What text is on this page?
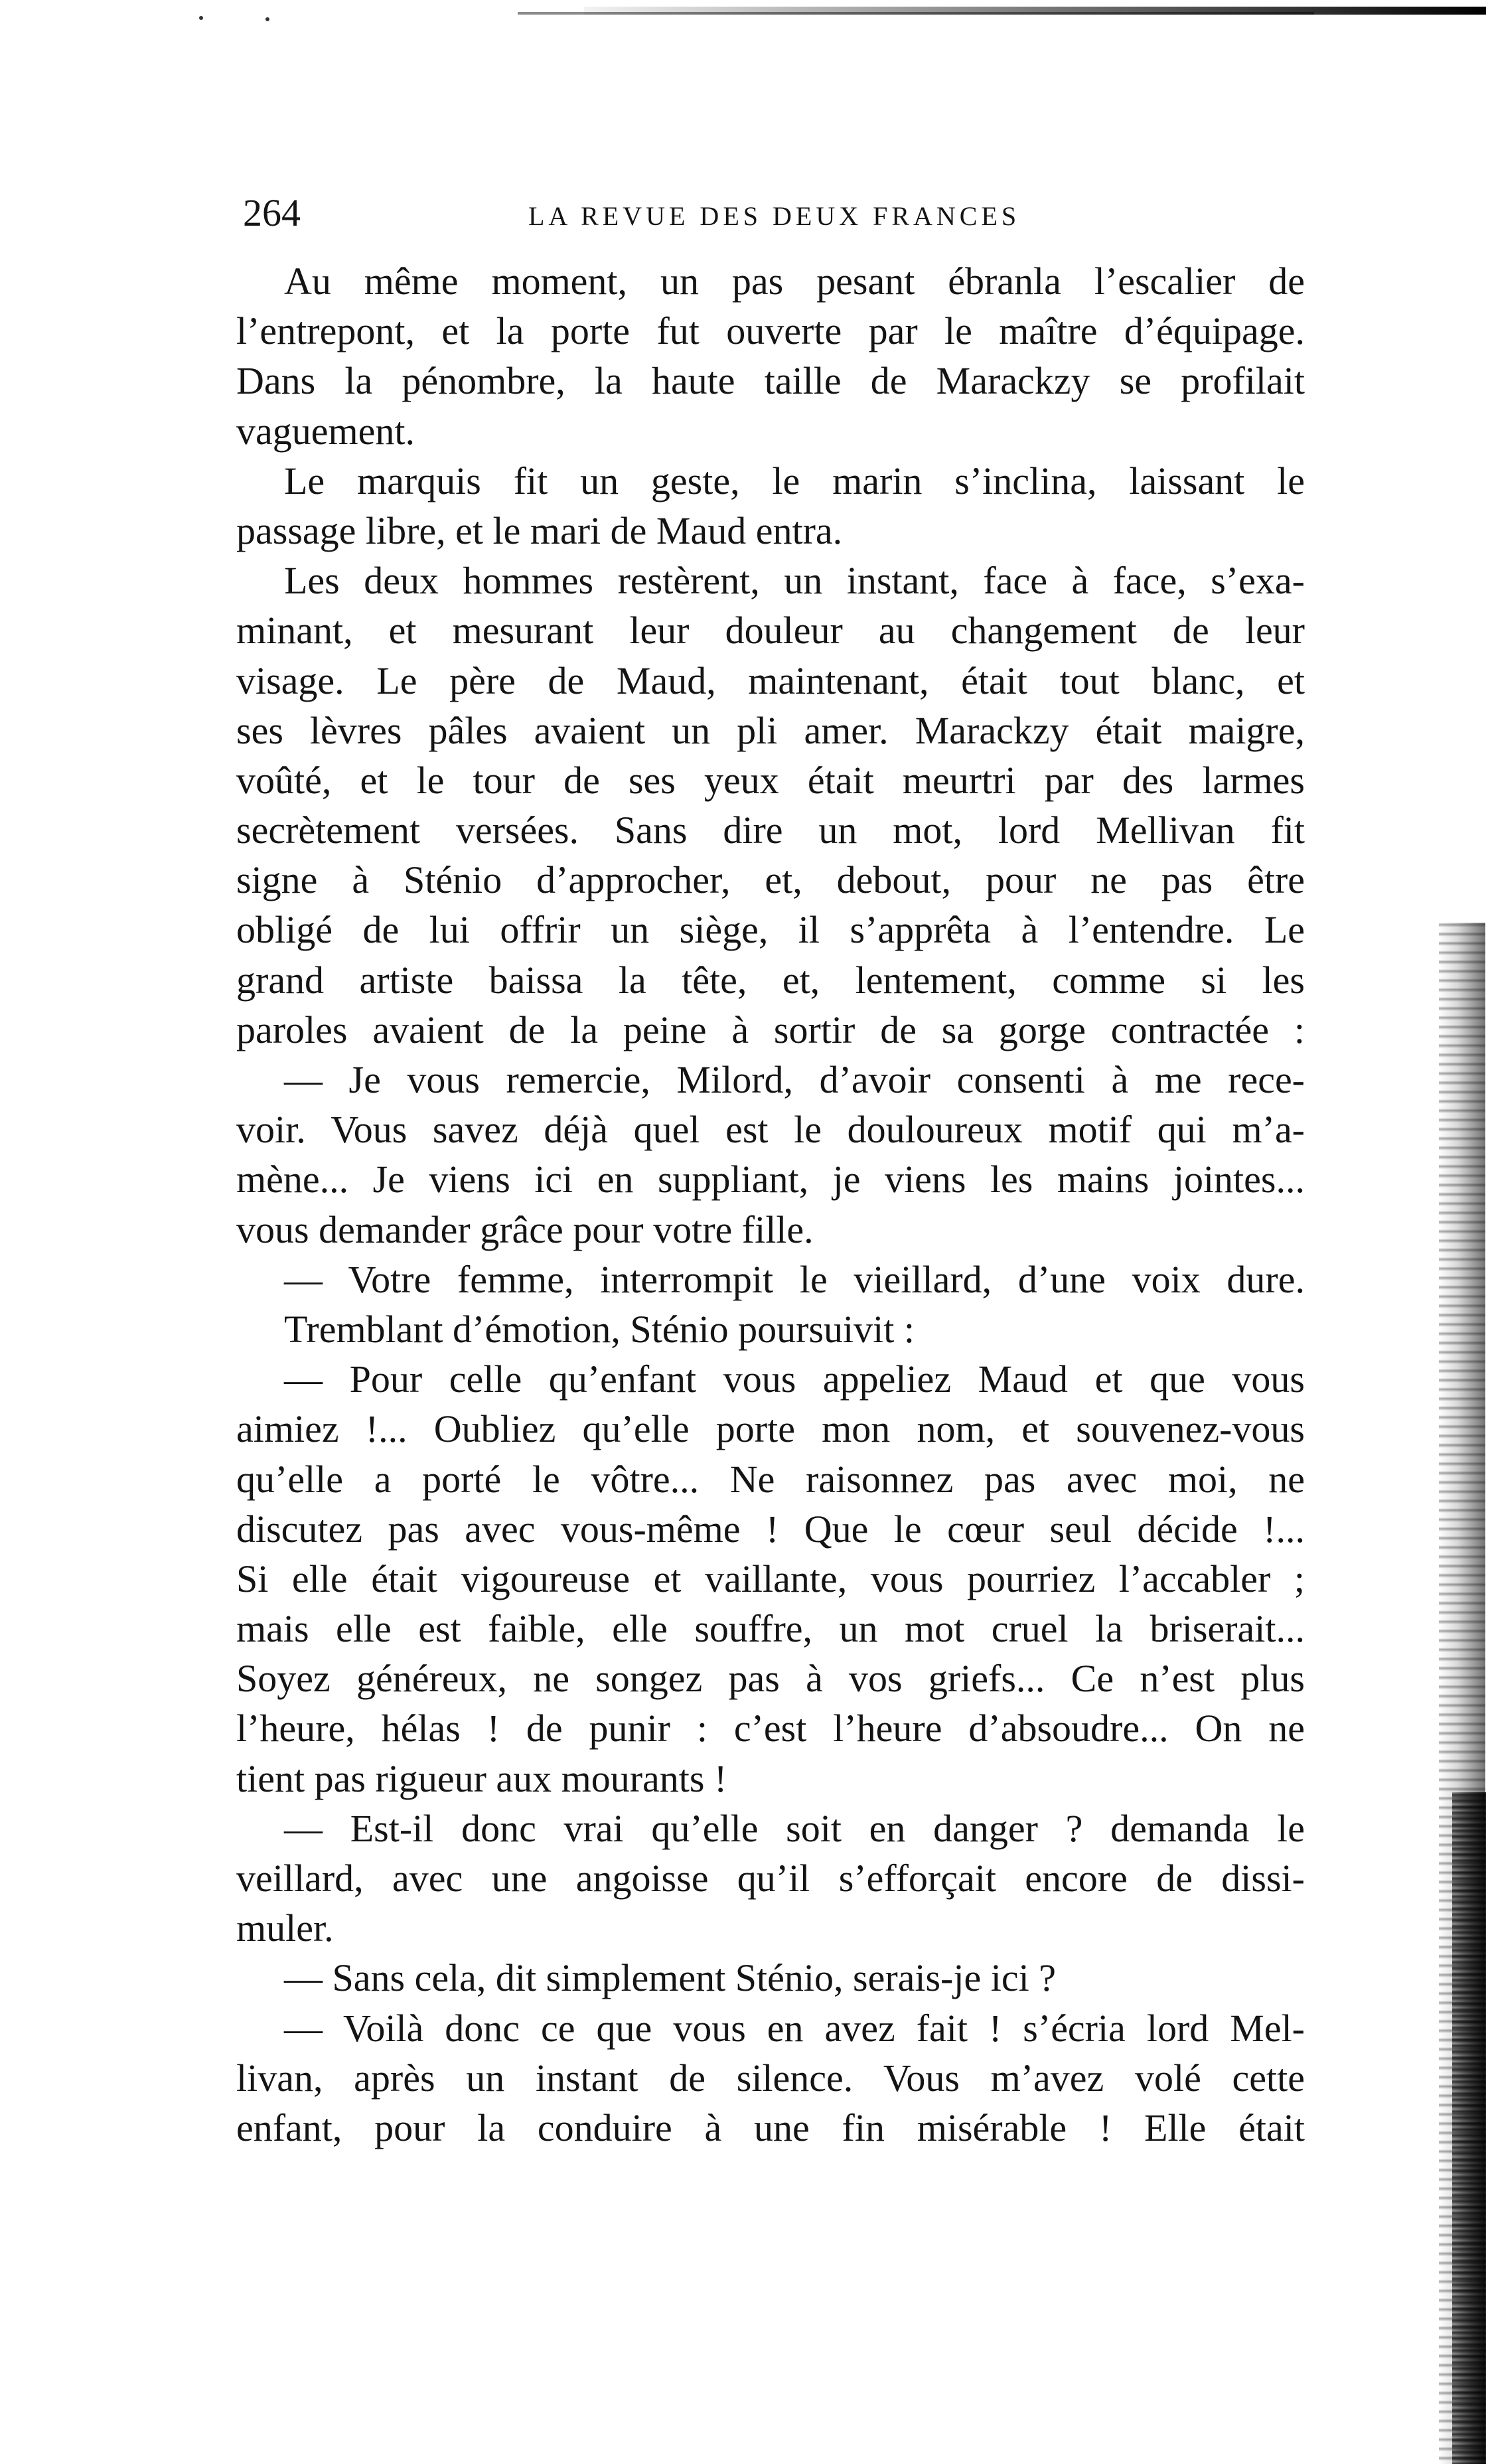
264	LA REVUE DES DEUX FRANCES
Au même moment, un pas pesant ébranla l’escalier de
l’entrepont, et la porte fut ouverte par le maître d’équipage.
Dans la pénombre, la haute taille de Marackzy se profilait
vaguement.
Le marquis fit un geste, le marin s’inclina, laissant le
passage libre, et le mari de Maud entra.
Les deux hommes restèrent, un instant, face à face, s’exa-
minant, et mesurant leur douleur au changement de leur
visage. Le père de Maud, maintenant, était tout blanc, et
ses lèvres pâles avaient un pli amer. Marackzy était maigre,
voûté, et le tour de ses yeux était meurtri par des larmes
secrètement versées. Sans dire un mot, lord Mellivan fit
signe à Sténio d’approcher, et, debout, pour ne pas être
obligé de lui offrir un siège, il s’apprêta à l’entendre. Le
grand artiste baissa la tête, et, lentement, comme si les
paroles avaient de la peine à sortir de sa gorge contractée :
— Je vous remercie, Milord, d’avoir consenti à me rece-
voir. Vous savez déjà quel est le douloureux motif qui m’a-
mène... Je viens ici en suppliant, je viens les mains jointes...
vous demander grâce pour votre fille.
— Votre femme, interrompit le vieillard, d’une voix dure.
Tremblant d’émotion, Sténio poursuivit :
— Pour celle qu’enfant vous appeliez Maud et que vous
aimiez !... Oubliez qu’elle porte mon nom, et souvenez-vous
qu’elle a porté le vôtre... Ne raisonnez pas avec moi, ne
discutez pas avec vous-même ! Que le cœur seul décide !...
Si elle était vigoureuse et vaillante, vous pourriez l’accabler ;
mais elle est faible, elle souffre, un mot cruel la briserait...
Soyez généreux, ne songez pas à vos griefs... Ce n’est plus
l’heure, hélas ! de punir : c’est l’heure d’absoudre... On ne
tient pas rigueur aux mourants !
— Est-il donc vrai qu’elle soit en danger ? demanda le
veillard, avec une angoisse qu’il s’efforçait encore de dissi-
muler.
— Sans cela, dit simplement Sténio, serais-je ici ?
— Voilà donc ce que vous en avez fait ! s’écria lord Mel-
livan, après un instant de silence. Vous m’avez volé cette
enfant, pour la conduire à une fin misérable ! Elle était
